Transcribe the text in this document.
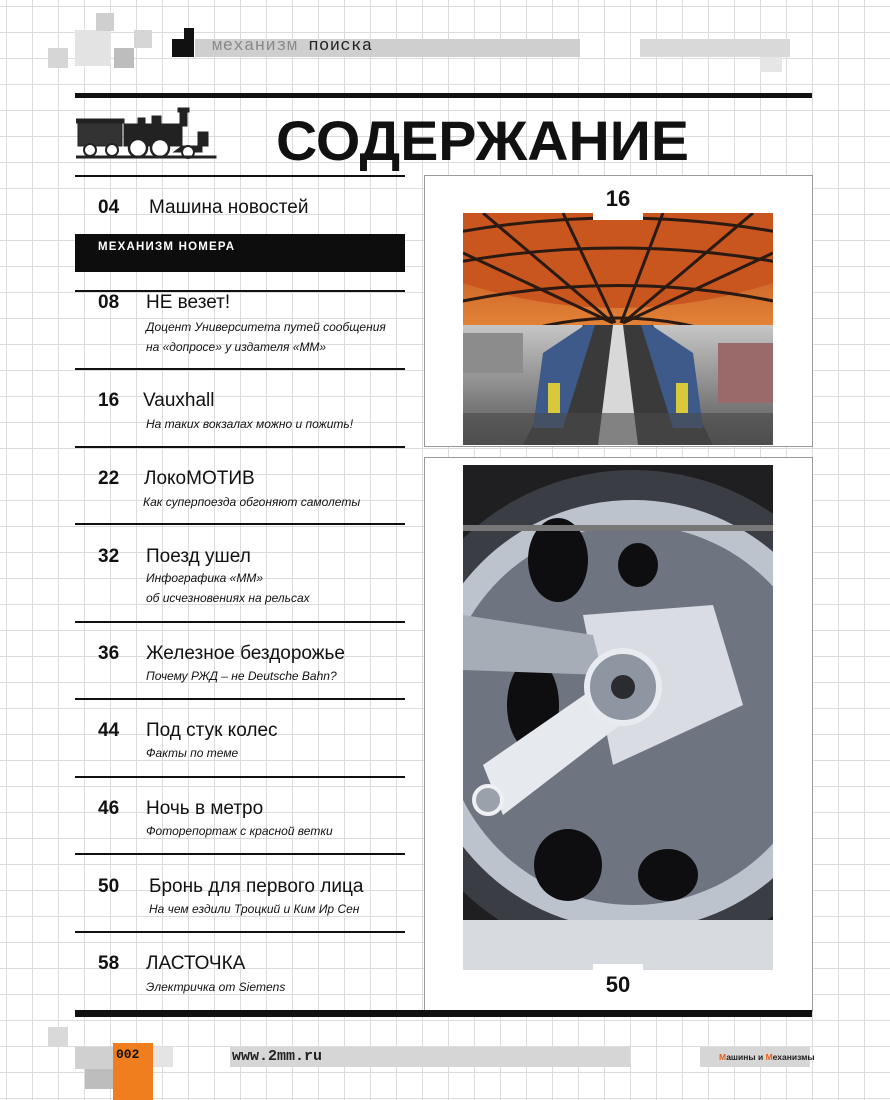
механизм поиска
СОДЕРЖАНИЕ
04 Машина новостей
08 НЕ везет!
Доцент Университета путей сообщения
на «допросе» у издателя «ММ»
16 Vauxhall
На таких вокзалах можно и пожить!
22 ЛокоМОТИВ
Как суперпоезда обгоняют самолеты
32 Поезд ушел
Инфографика «ММ»
об исчезновениях на рельсах
36 Железное бездорожье
Почему РЖД – не Deutsche Bahn?
44 Под стук колес
Факты по теме
46 Ночь в метро
Фоторепортаж с красной ветки
50 Бронь для первого лица
На чем ездили Троцкий и Ким Ир Сен
58 ЛАСТОЧКА
Электричка от Siemens
МЕХАНИЗМ НОМЕРА
16
50
002	www.2mm.ru	Машины и Механизмы
